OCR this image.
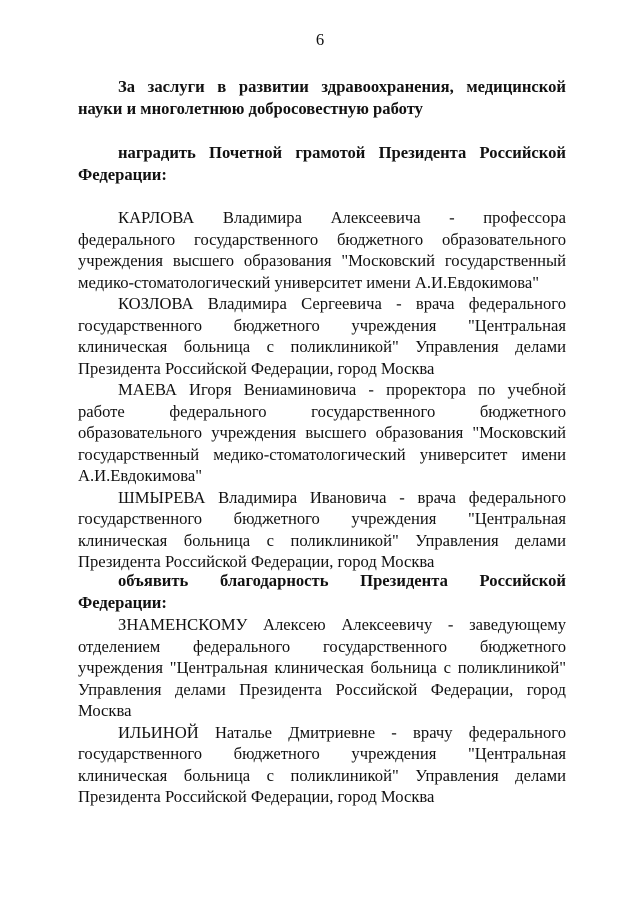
6

За заслуги в развитии здравоохранения, медицинской науки и многолетнюю добросовестную работу

наградить Почетной грамотой Президента Российской Федерации:

КАРЛОВА Владимира Алексеевича - профессора федерального государственного бюджетного образовательного учреждения высшего образования "Московский государственный медико-стоматологический университет имени А.И.Евдокимова"

КОЗЛОВА Владимира Сергеевича - врача федерального государственного бюджетного учреждения "Центральная клиническая больница с поликлиникой" Управления делами Президента Российской Федерации, город Москва

МАЕВА Игоря Вениаминовича - проректора по учебной работе федерального государственного бюджетного образовательного учреждения высшего образования "Московский государственный медико-стоматологический университет имени А.И.Евдокимова"

ШМЫРЕВА Владимира Ивановича - врача федерального государственного бюджетного учреждения "Центральная клиническая больница с поликлиникой" Управления делами Президента Российской Федерации, город Москва

объявить благодарность Президента Российской Федерации:

ЗНАМЕНСКОМУ Алексею Алексеевичу - заведующему отделением федерального государственного бюджетного учреждения "Центральная клиническая больница с поликлиникой" Управления делами Президента Российской Федерации, город Москва

ИЛЬИНОЙ Наталье Дмитриевне - врачу федерального государственного бюджетного учреждения "Центральная клиническая больница с поликлиникой" Управления делами Президента Российской Федерации, город Москва
